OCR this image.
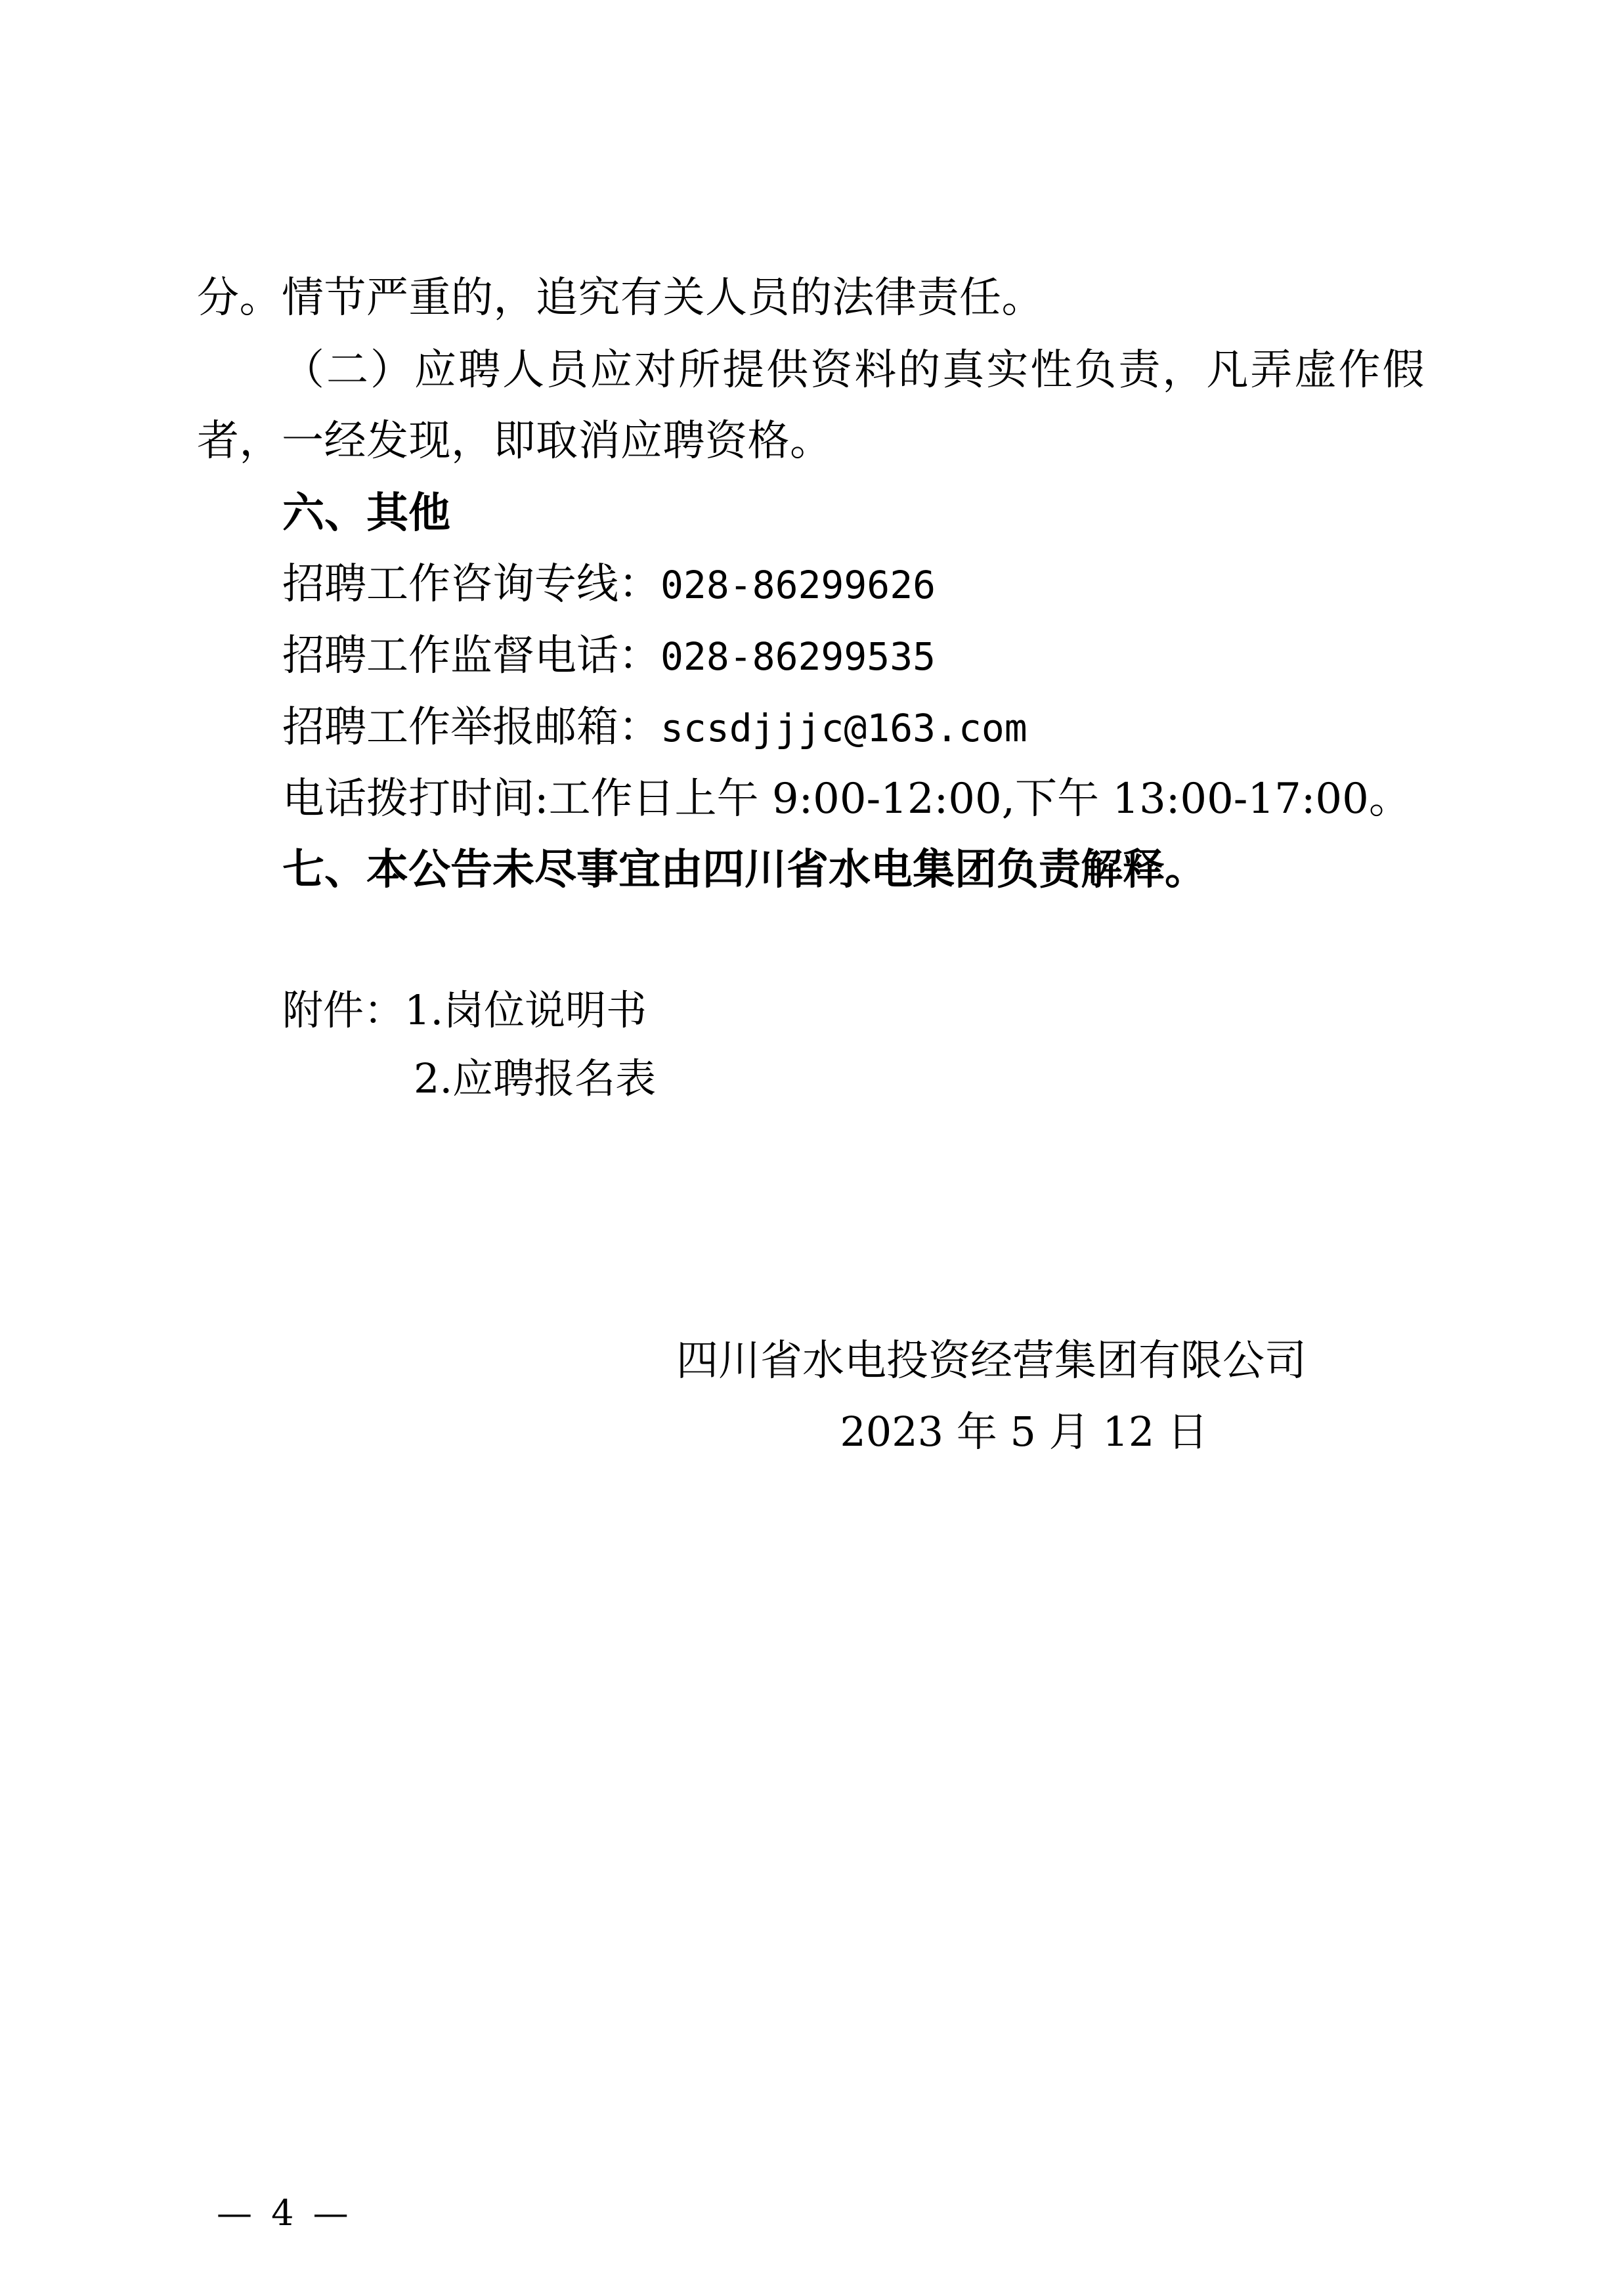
分。情节严重的，追究有关人员的法律责任。

（二）应聘人员应对所提供资料的真实性负责，凡弄虚作假者，一经发现，即取消应聘资格。

六、其他

招聘工作咨询专线：028-86299626

招聘工作监督电话：028-86299535

招聘工作举报邮箱：scsdjjjc@163.com

电话拨打时间:工作日上午 9:00-12:00,下午 13:00-17:00。

七、本公告未尽事宜由四川省水电集团负责解释。

附件：1.岗位说明书

2.应聘报名表

四川省水电投资经营集团有限公司

2023 年 5 月 12 日

— 4 —
